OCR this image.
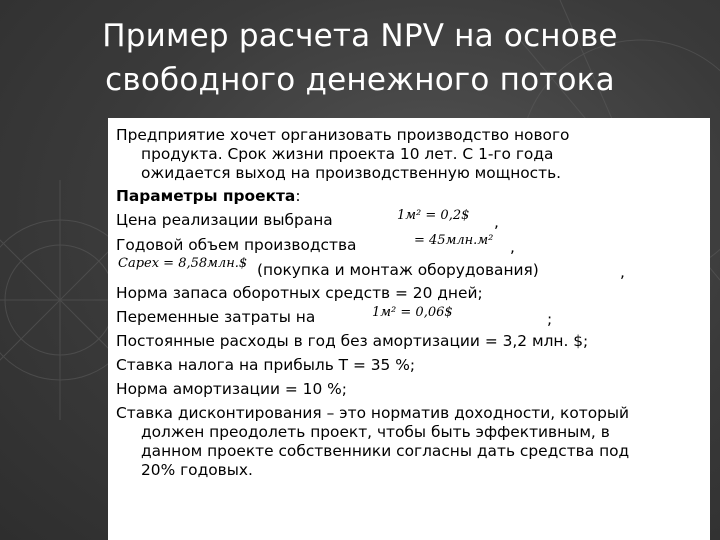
Пример расчета NPV на основе
свободного денежного потока
Предприятие хочет организовать производство нового
продукта. Срок жизни проекта 10 лет. С 1-го года
ожидается выход на производственную мощность.
Параметры проекта:
Цена реализации выбрана	1м² = 0,2$ ,
Годовой объем производства	= 45млн.м² ,
Capex = 8,58млн.$ (покупка и монтаж оборудования)	,
Норма запаса оборотных средств = 20 дней;
Переменные затраты на	1м² = 0,06$	;
Постоянные расходы в год без амортизации = 3,2 млн. $;
Ставка налога на прибыль Т = 35 %;
Норма амортизации = 10 %;
Ставка дисконтирования – это норматив доходности, который
должен преодолеть проект, чтобы быть эффективным, в
данном проекте собственники согласны дать средства под
20% годовых.
